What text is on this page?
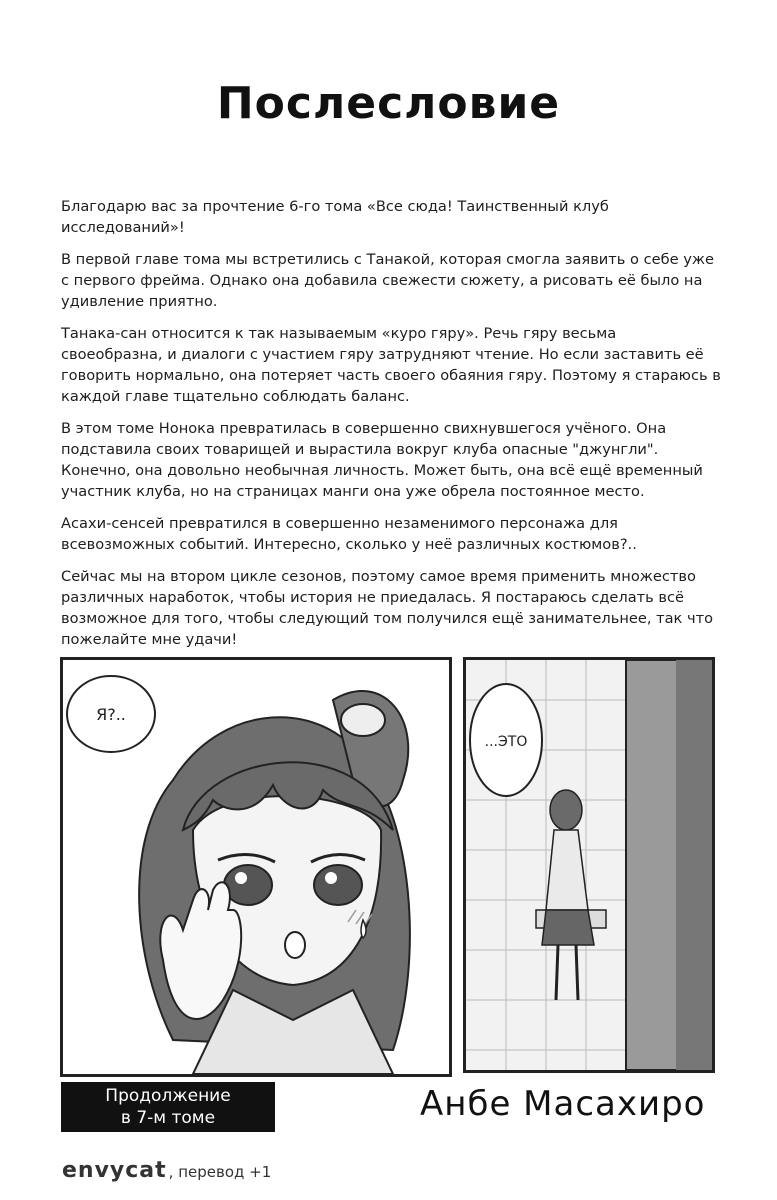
Послесловие

Благодарю вас за прочтение 6-го тома «Все сюда! Таинственный клуб исследований»!

В первой главе тома мы встретились с Танакой, которая смогла заявить о себе уже с первого фрейма. Однако она добавила свежести сюжету, а рисовать её было на удивление приятно.

Танака-сан относится к так называемым «куро гяру». Речь гяру весьма своеобразна, и диалоги с участием гяру затрудняют чтение. Но если заставить её говорить нормально, она потеряет часть своего обаяния гяру. Поэтому я стараюсь в каждой главе тщательно соблюдать баланс.

В этом томе Нонока превратилась в совершенно свихнувшегося учёного. Она подставила своих товарищей и вырастила вокруг клуба опасные "джунгли". Конечно, она довольно необычная личность. Может быть, она всё ещё временный участник клуба, но на страницах манги она уже обрела постоянное место.

Асахи-сенсей превратился в совершенно незаменимого персонажа для всевозможных событий. Интересно, сколько у неё различных костюмов?..

Сейчас мы на втором цикле сезонов, поэтому самое время применить множество различных наработок, чтобы история не приедалась. Я постараюсь сделать всё возможное для того, чтобы следующий том получился ещё занимательнее, так что пожелайте мне удачи!

Я?..
...ЭТО
Продолжение
в 7-м томе	Анбе Масахиро
envycat , перевод +1
